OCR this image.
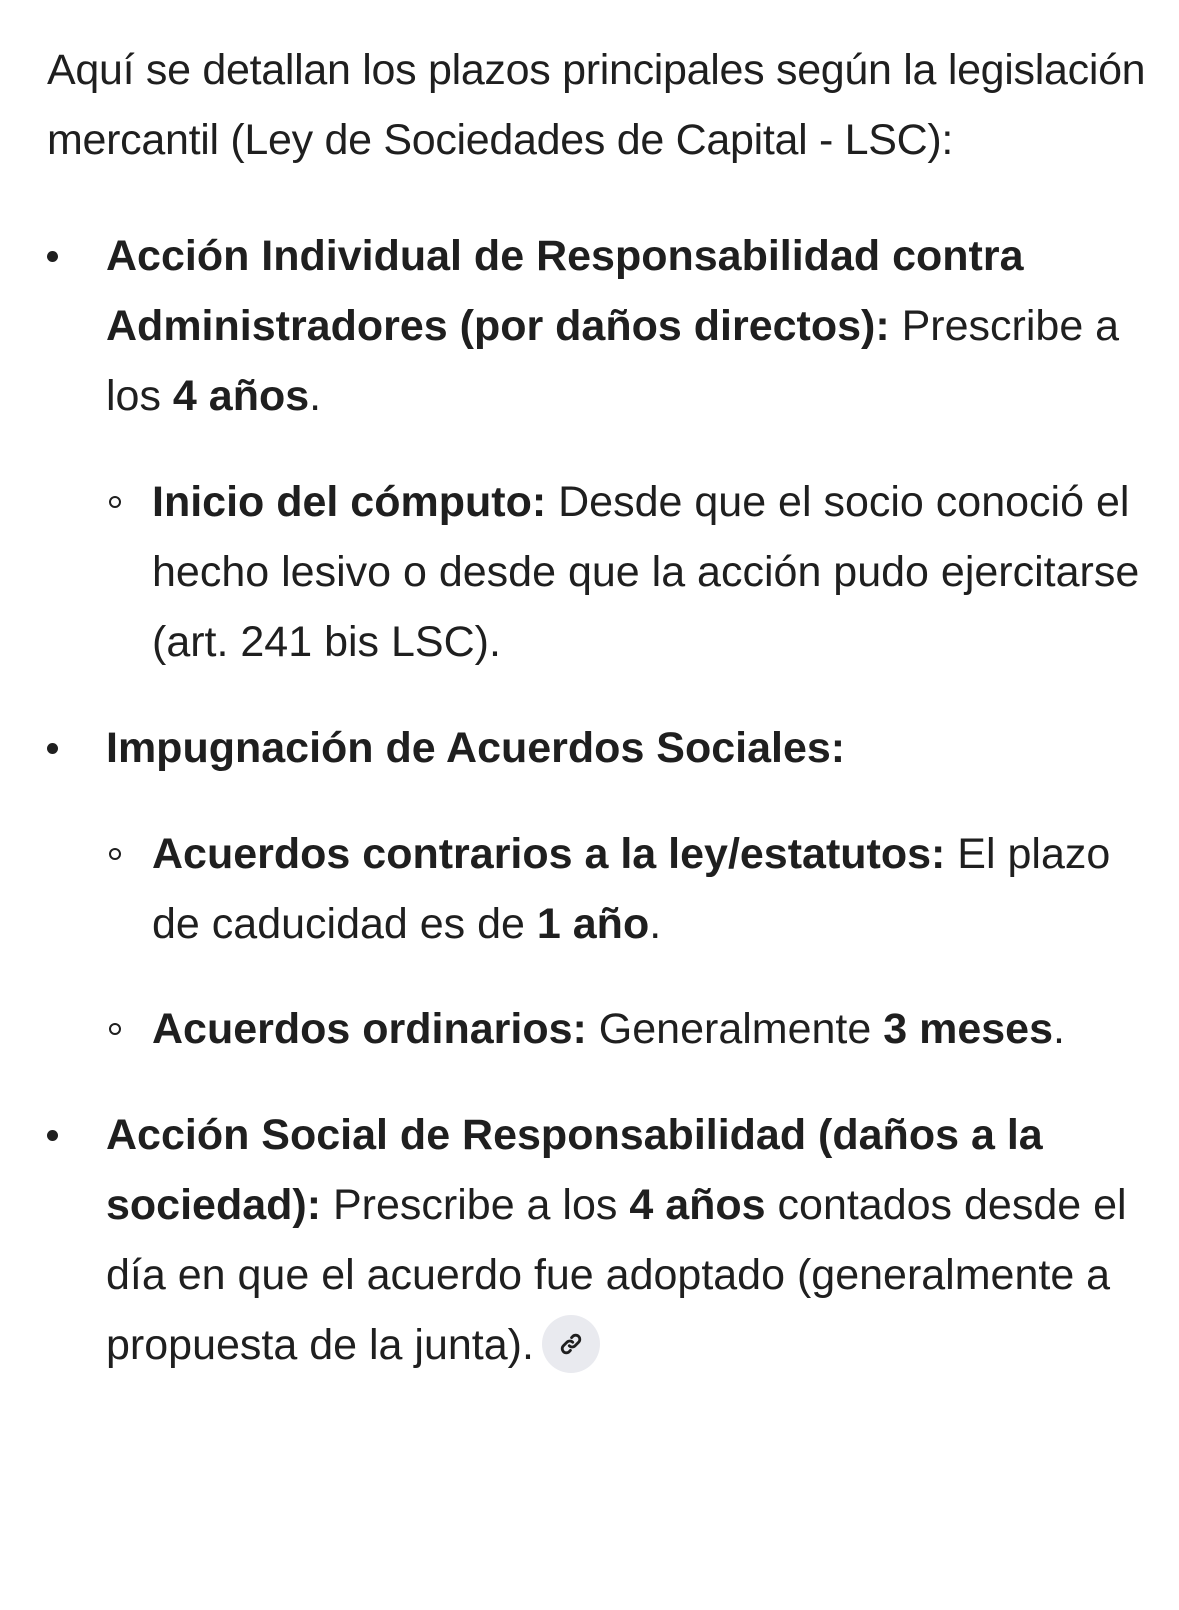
Aquí se detallan los plazos principales según la legislación mercantil (Ley de Sociedades de Capital - LSC):

Acción Individual de Responsabilidad contra Administradores (por daños directos): Prescribe a los 4 años.
Inicio del cómputo: Desde que el socio conoció el hecho lesivo o desde que la acción pudo ejercitarse (art. 241 bis LSC).
Impugnación de Acuerdos Sociales:
Acuerdos contrarios a la ley/estatutos: El plazo de caducidad es de 1 año.
Acuerdos ordinarios: Generalmente 3 meses.
Acción Social de Responsabilidad (daños a la sociedad): Prescribe a los 4 años contados desde el día en que el acuerdo fue adoptado (generalmente a propuesta de la junta).
